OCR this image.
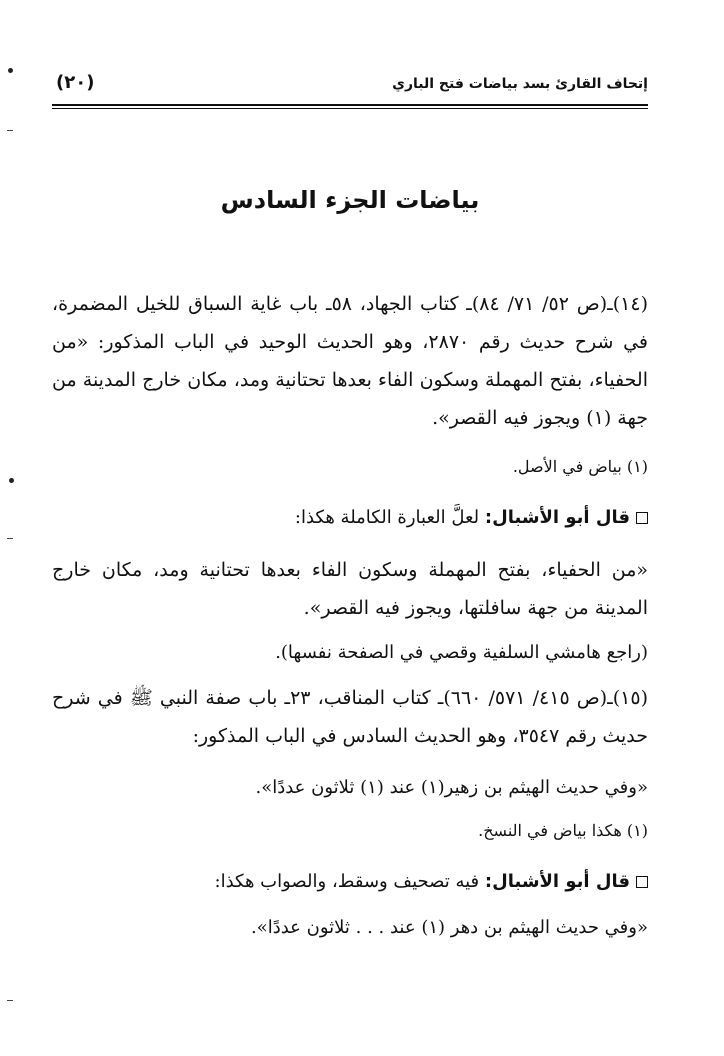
إتحاف القارئ بسد بياضات فتح الباري
(٢٠)
بياضات الجزء السادس
(١٤)ـ(ص ٥٢/ ٧١/ ٨٤)ـ كتاب الجهاد، ٥٨ـ باب غاية السباق للخيل المضمرة، في شرح حديث رقم ٢٨٧٠، وهو الحديث الوحيد في الباب المذكور: «من الحفياء، بفتح المهملة وسكون الفاء بعدها تحتانية ومد، مكان خارج المدينة من جهة (١) ويجوز فيه القصر».
(١) بياض في الأصل.
قال أبو الأشبال: لعلَّ العبارة الكاملة هكذا:
«من الحفياء، بفتح المهملة وسكون الفاء بعدها تحتانية ومد، مكان خارج المدينة من جهة سافلتها، ويجوز فيه القصر».
(راجع هامشي السلفية وقصي في الصفحة نفسها).
(١٥)ـ(ص ٤١٥/ ٥٧١/ ٦٦٠)ـ كتاب المناقب، ٢٣ـ باب صفة النبي ﷺ في شرح حديث رقم ٣٥٤٧، وهو الحديث السادس في الباب المذكور:
«وفي حديث الهيثم بن زهير(١) عند (١) ثلاثون عددًا».
(١) هكذا بياض في النسخ.
قال أبو الأشبال: فيه تصحيف وسقط، والصواب هكذا:
«وفي حديث الهيثم بن دهر (١) عند . . . ثلاثون عددًا».
